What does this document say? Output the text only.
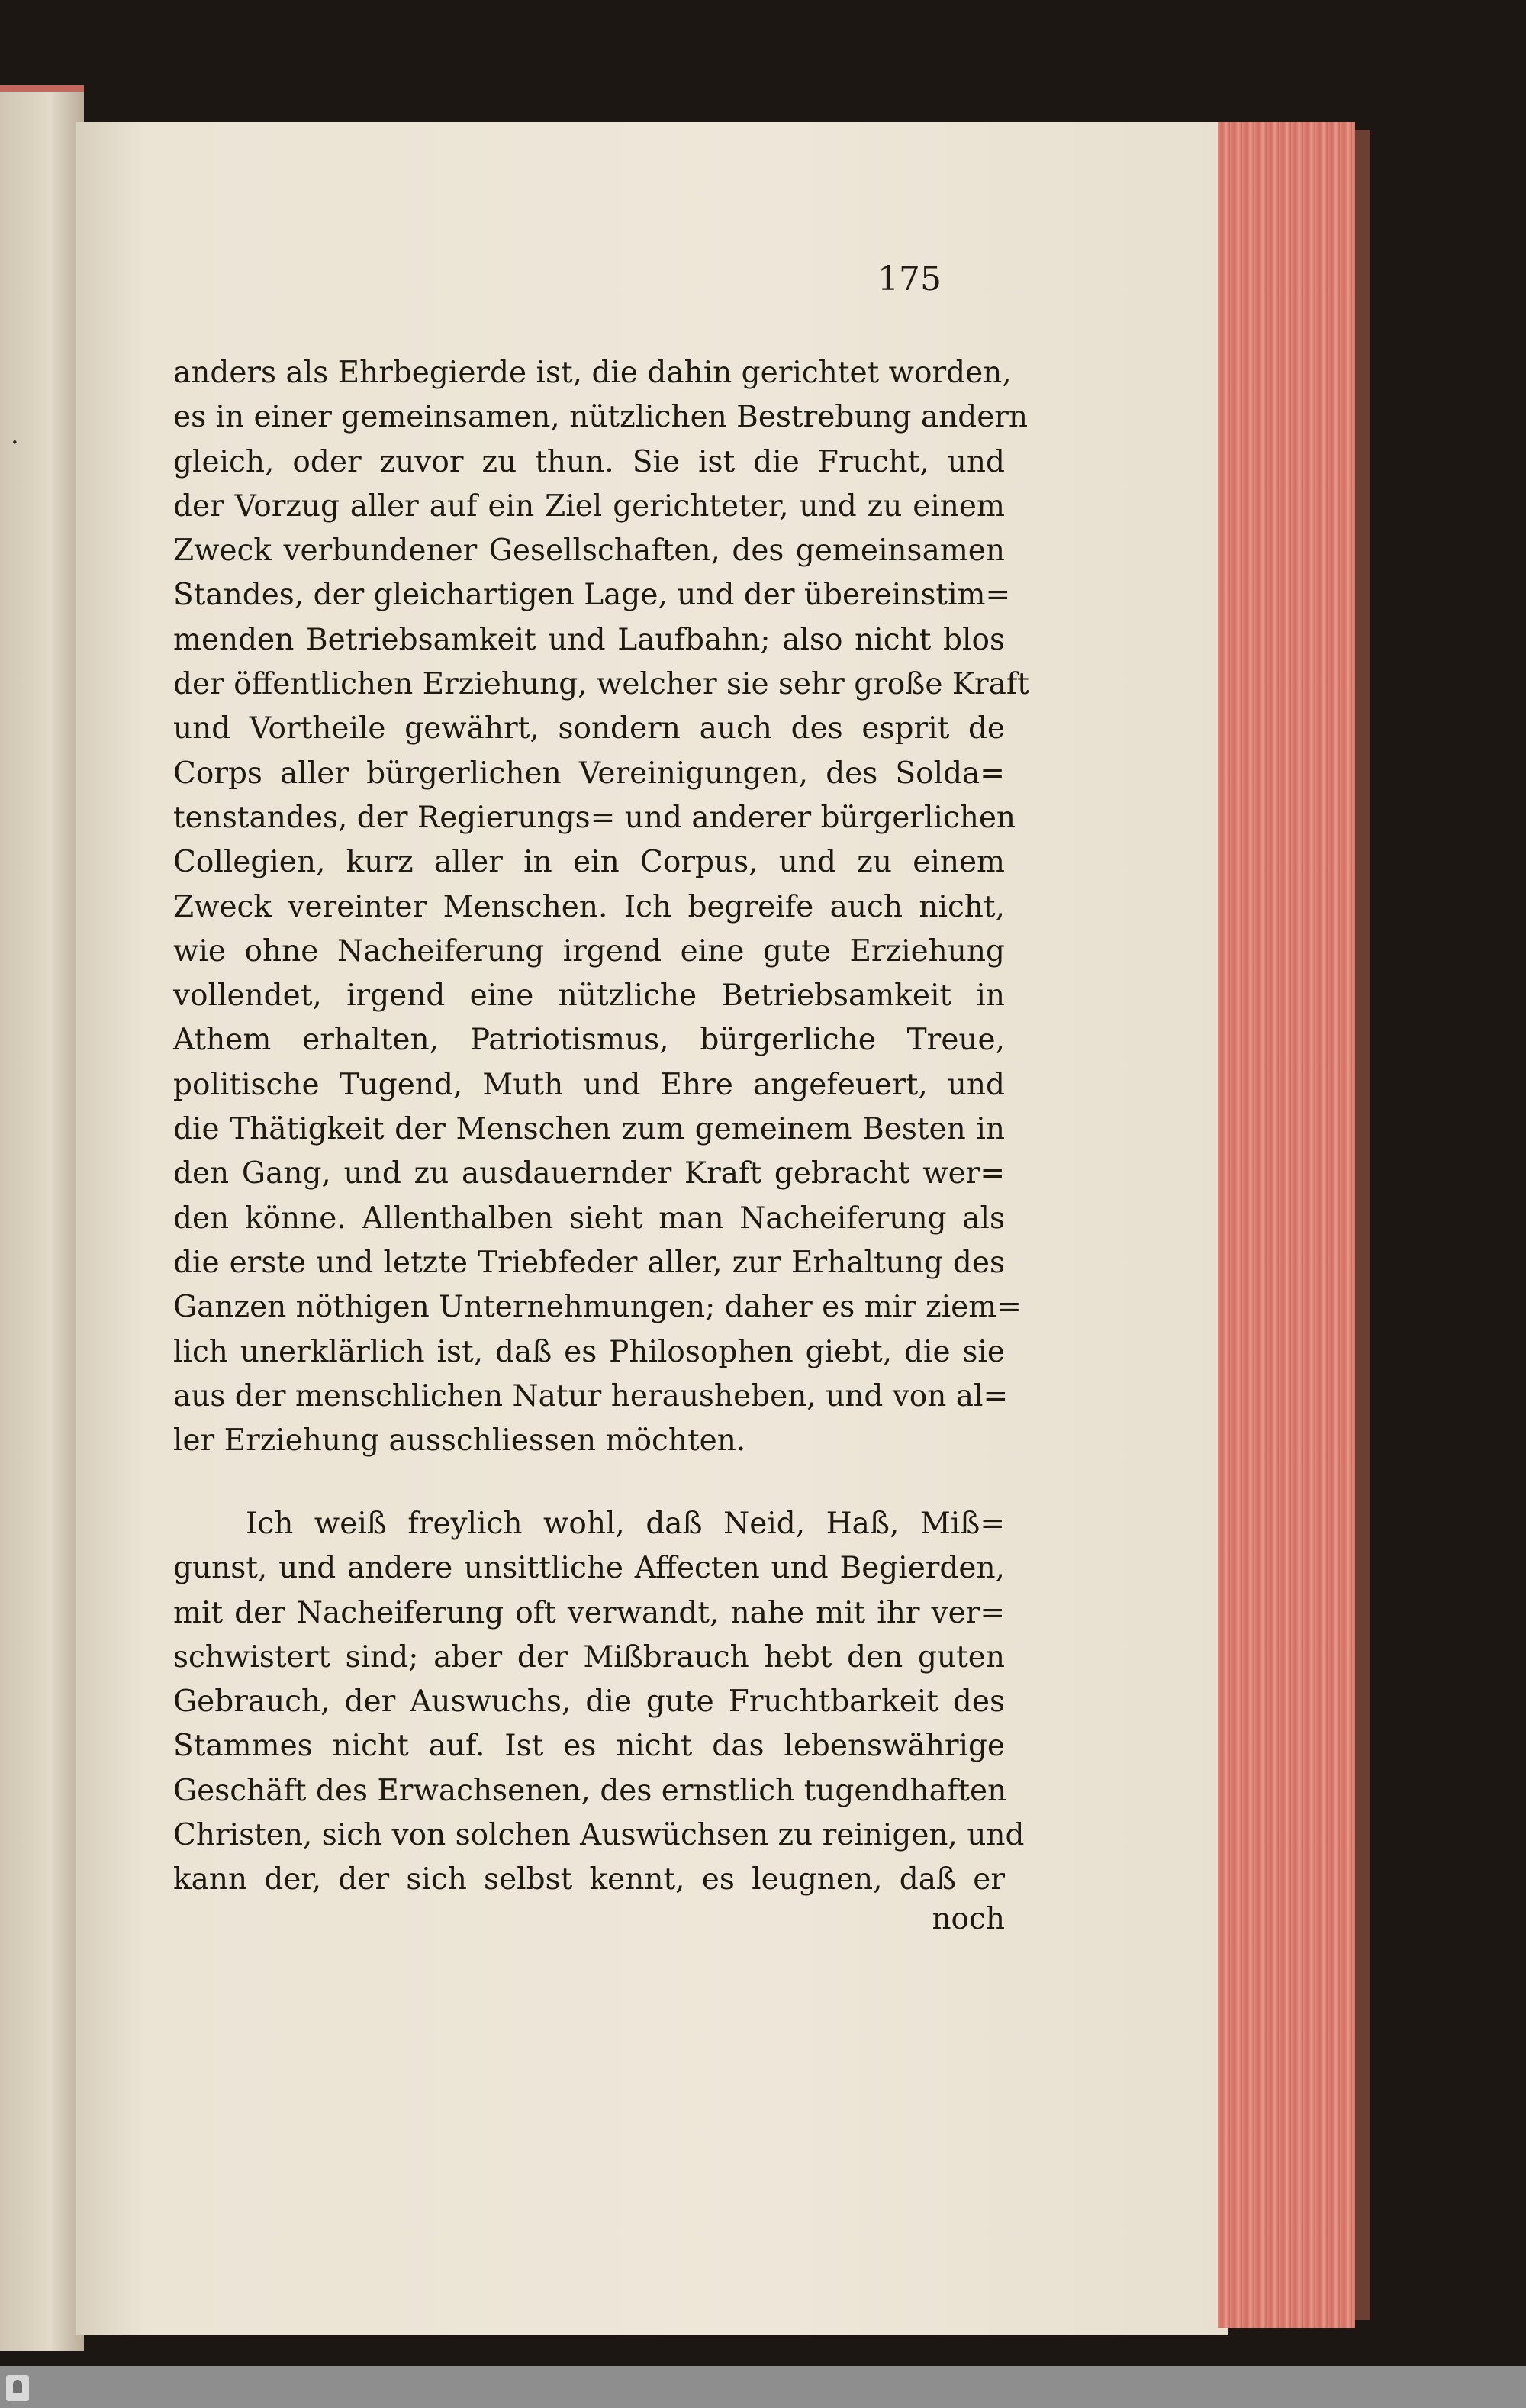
·
175
anders als Ehrbegierde ist, die dahin gerichtet worden,
es in einer gemeinsamen, nützlichen Bestrebung andern
gleich, oder zuvor zu thun. Sie ist die Frucht, und
der Vorzug aller auf ein Ziel gerichteter, und zu einem
Zweck verbundener Gesellschaften, des gemeinsamen
Standes, der gleichartigen Lage, und der übereinstim=
menden Betriebsamkeit und Laufbahn; also nicht blos
der öffentlichen Erziehung, welcher sie sehr große Kraft
und Vortheile gewährt, sondern auch des esprit de
Corps aller bürgerlichen Vereinigungen, des Solda=
tenstandes, der Regierungs= und anderer bürgerlichen
Collegien, kurz aller in ein Corpus, und zu einem
Zweck vereinter Menschen. Ich begreife auch nicht,
wie ohne Nacheiferung irgend eine gute Erziehung
vollendet, irgend eine nützliche Betriebsamkeit in
Athem erhalten, Patriotismus, bürgerliche Treue,
politische Tugend, Muth und Ehre angefeuert, und
die Thätigkeit der Menschen zum gemeinem Besten in
den Gang, und zu ausdauernder Kraft gebracht wer=
den könne. Allenthalben sieht man Nacheiferung als
die erste und letzte Triebfeder aller, zur Erhaltung des
Ganzen nöthigen Unternehmungen; daher es mir ziem=
lich unerklärlich ist, daß es Philosophen giebt, die sie
aus der menschlichen Natur herausheben, und von al=
ler Erziehung ausschliessen möchten.
Ich weiß freylich wohl, daß Neid, Haß, Miß=
gunst, und andere unsittliche Affecten und Begierden,
mit der Nacheiferung oft verwandt, nahe mit ihr ver=
schwistert sind; aber der Mißbrauch hebt den guten
Gebrauch, der Auswuchs, die gute Fruchtbarkeit des
Stammes nicht auf. Ist es nicht das lebenswährige
Geschäft des Erwachsenen, des ernstlich tugendhaften
Christen, sich von solchen Auswüchsen zu reinigen, und
kann der, der sich selbst kennt, es leugnen, daß er
noch
